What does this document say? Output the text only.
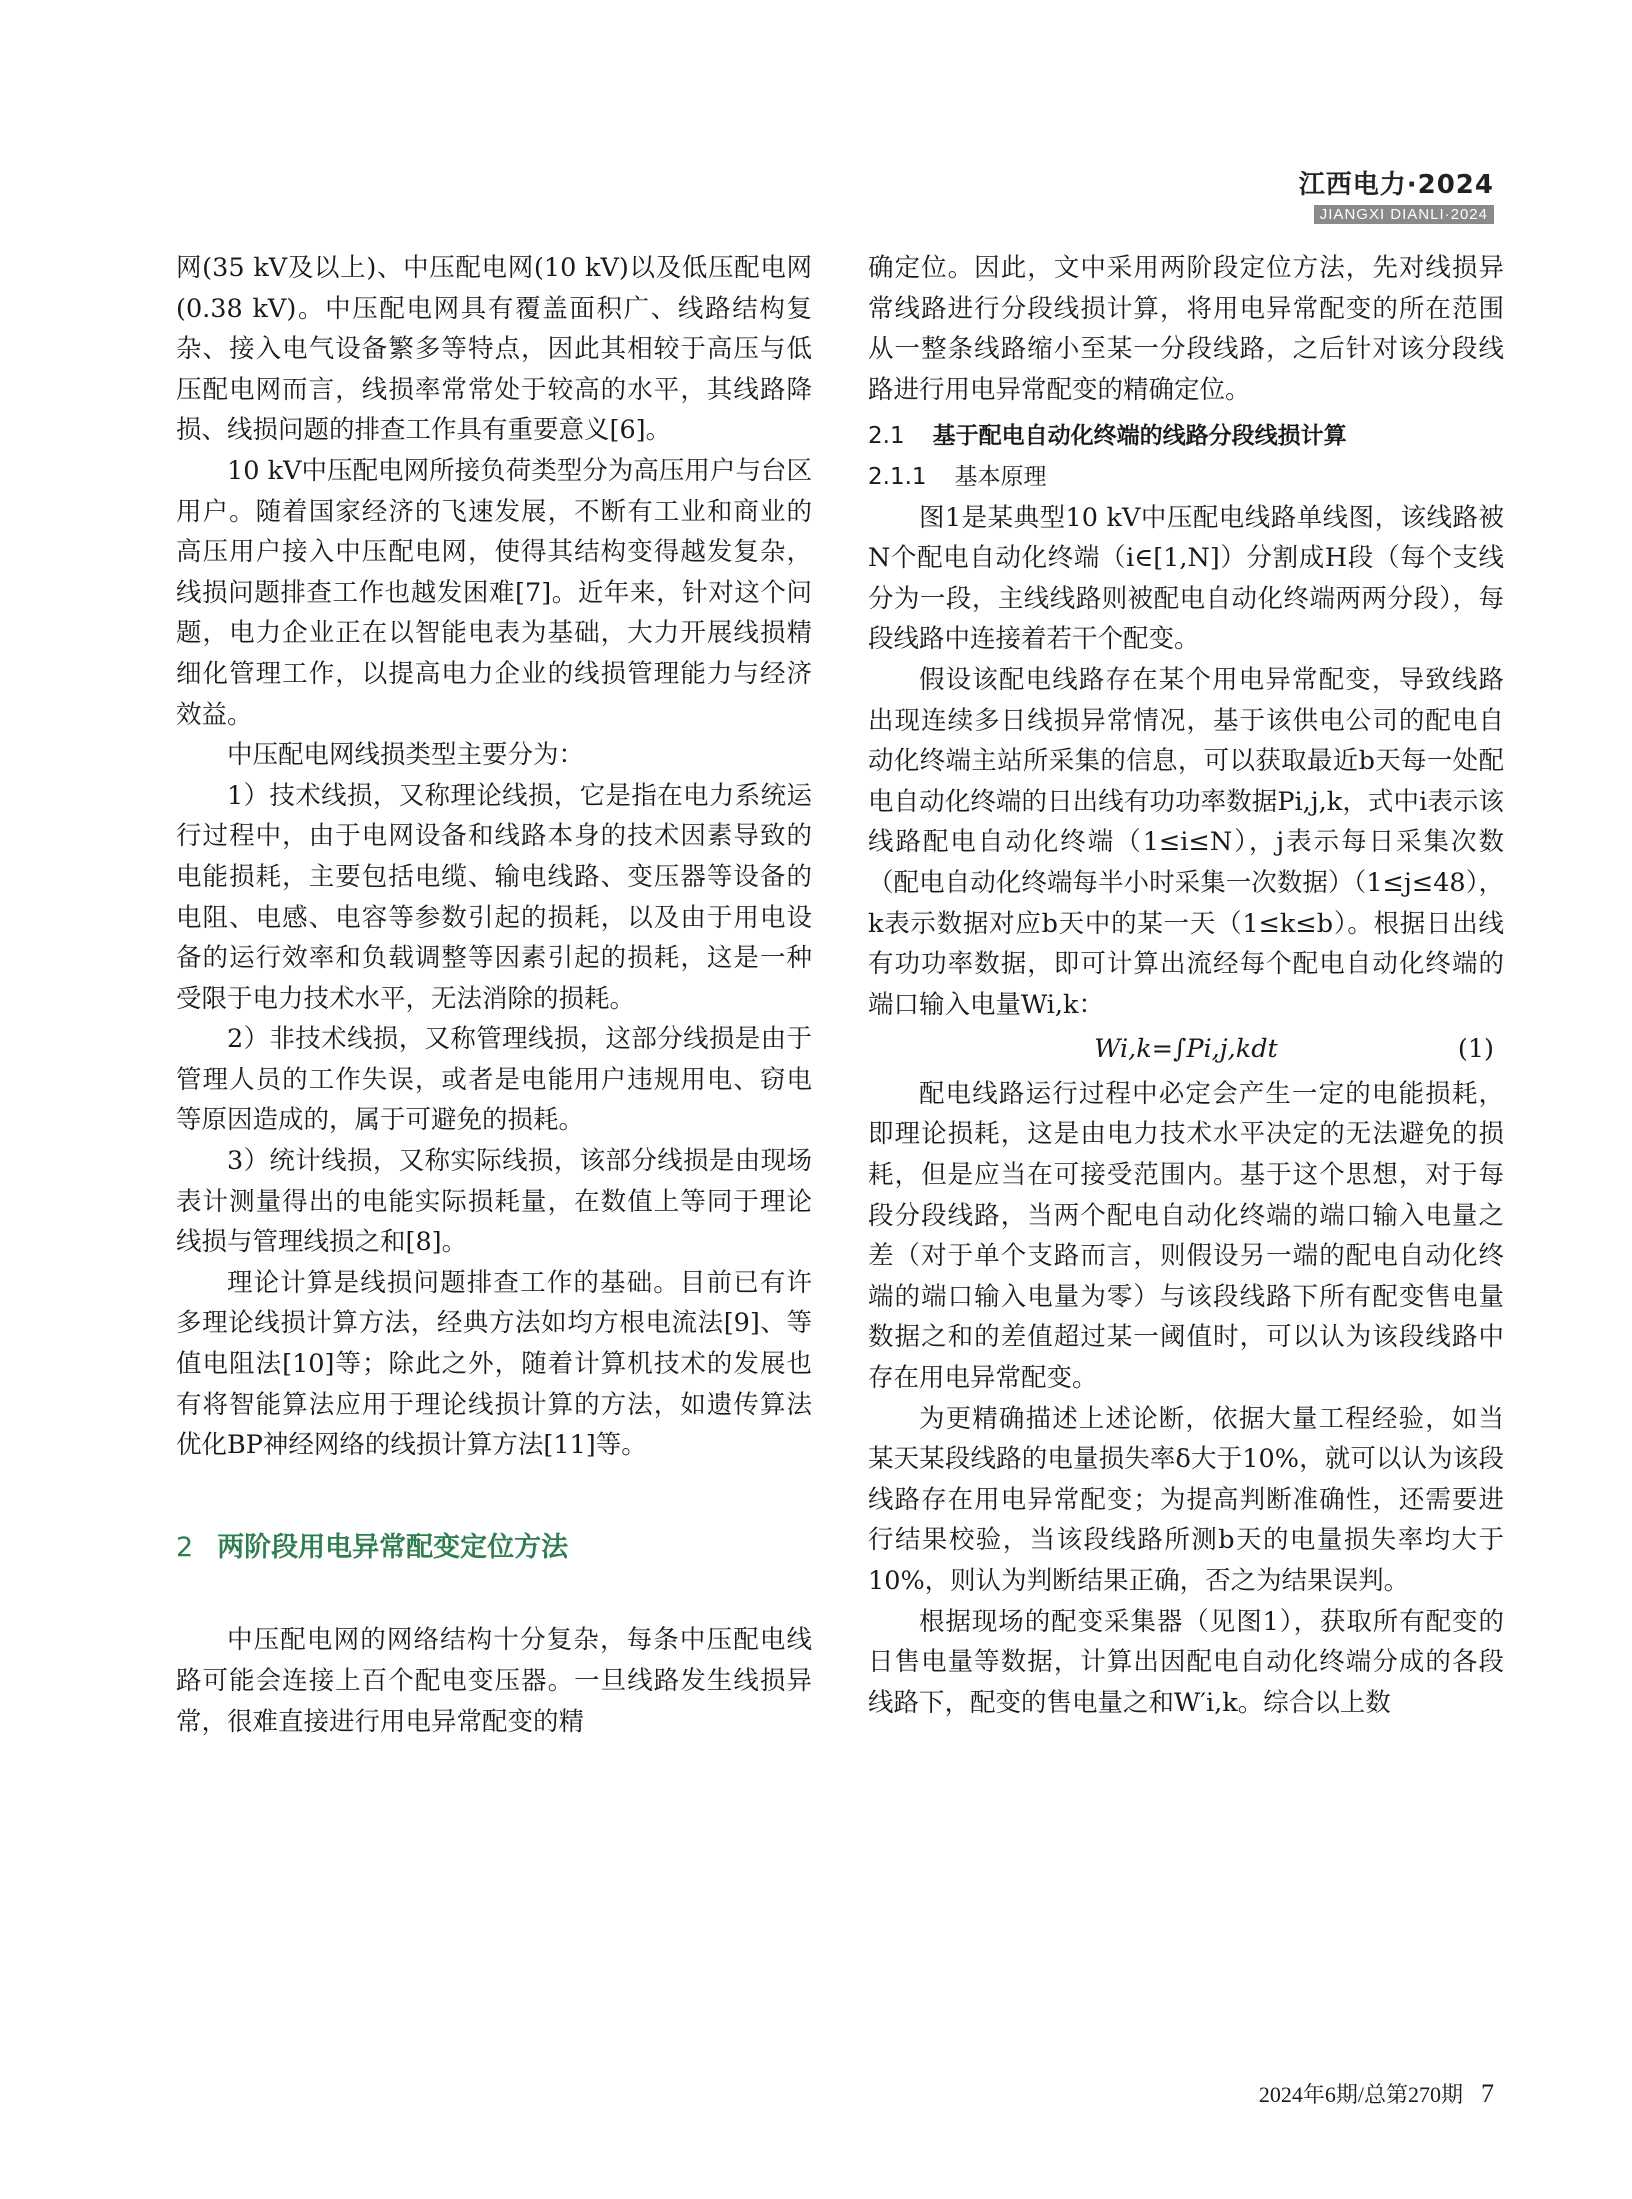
江西电力·2024
JIANGXI DIANLI·2024

网(35 kV及以上)、中压配电网(10 kV)以及低压配电网(0.38 kV)。中压配电网具有覆盖面积广、线路结构复杂、接入电气设备繁多等特点，因此其相较于高压与低压配电网而言，线损率常常处于较高的水平，其线路降损、线损问题的排查工作具有重要意义[6]。

10 kV中压配电网所接负荷类型分为高压用户与台区用户。随着国家经济的飞速发展，不断有工业和商业的高压用户接入中压配电网，使得其结构变得越发复杂，线损问题排查工作也越发困难[7]。近年来，针对这个问题，电力企业正在以智能电表为基础，大力开展线损精细化管理工作，以提高电力企业的线损管理能力与经济效益。

中压配电网线损类型主要分为：

1）技术线损，又称理论线损，它是指在电力系统运行过程中，由于电网设备和线路本身的技术因素导致的电能损耗，主要包括电缆、输电线路、变压器等设备的电阻、电感、电容等参数引起的损耗，以及由于用电设备的运行效率和负载调整等因素引起的损耗，这是一种受限于电力技术水平，无法消除的损耗。

2）非技术线损，又称管理线损，这部分线损是由于管理人员的工作失误，或者是电能用户违规用电、窃电等原因造成的，属于可避免的损耗。

3）统计线损，又称实际线损，该部分线损是由现场表计测量得出的电能实际损耗量，在数值上等同于理论线损与管理线损之和[8]。

理论计算是线损问题排查工作的基础。目前已有许多理论线损计算方法，经典方法如均方根电流法[9]、等值电阻法[10]等；除此之外，随着计算机技术的发展也有将智能算法应用于理论线损计算的方法，如遗传算法优化BP神经网络的线损计算方法[11]等。

2 两阶段用电异常配变定位方法

中压配电网的网络结构十分复杂，每条中压配电线路可能会连接上百个配电变压器。一旦线路发生线损异常，很难直接进行用电异常配变的精

确定位。因此，文中采用两阶段定位方法，先对线损异常线路进行分段线损计算，将用电异常配变的所在范围从一整条线路缩小至某一分段线路，之后针对该分段线路进行用电异常配变的精确定位。

2.1 基于配电自动化终端的线路分段线损计算
2.1.1 基本原理

图1是某典型10 kV中压配电线路单线图，该线路被N个配电自动化终端（i∈[1,N]）分割成H段（每个支线分为一段，主线线路则被配电自动化终端两两分段），每段线路中连接着若干个配变。

假设该配电线路存在某个用电异常配变，导致线路出现连续多日线损异常情况，基于该供电公司的配电自动化终端主站所采集的信息，可以获取最近b天每一处配电自动化终端的日出线有功功率数据Pi,j,k，式中i表示该线路配电自动化终端（1≤i≤N），j表示每日采集次数（配电自动化终端每半小时采集一次数据）（1≤j≤48），k表示数据对应b天中的某一天（1≤k≤b）。根据日出线有功功率数据，即可计算出流经每个配电自动化终端的端口输入电量Wi,k：

Wi,k=∫Pi,j,kdt	(1)

配电线路运行过程中必定会产生一定的电能损耗，即理论损耗，这是由电力技术水平决定的无法避免的损耗，但是应当在可接受范围内。基于这个思想，对于每段分段线路，当两个配电自动化终端的端口输入电量之差（对于单个支路而言，则假设另一端的配电自动化终端的端口输入电量为零）与该段线路下所有配变售电量数据之和的差值超过某一阈值时，可以认为该段线路中存在用电异常配变。

为更精确描述上述论断，依据大量工程经验，如当某天某段线路的电量损失率δ大于10%，就可以认为该段线路存在用电异常配变；为提高判断准确性，还需要进行结果校验，当该段线路所测b天的电量损失率均大于10%，则认为判断结果正确，否之为结果误判。

根据现场的配变采集器（见图1），获取所有配变的日售电量等数据，计算出因配电自动化终端分成的各段线路下，配变的售电量之和W′i,k。综合以上数

2024年6期/总第270期 7
